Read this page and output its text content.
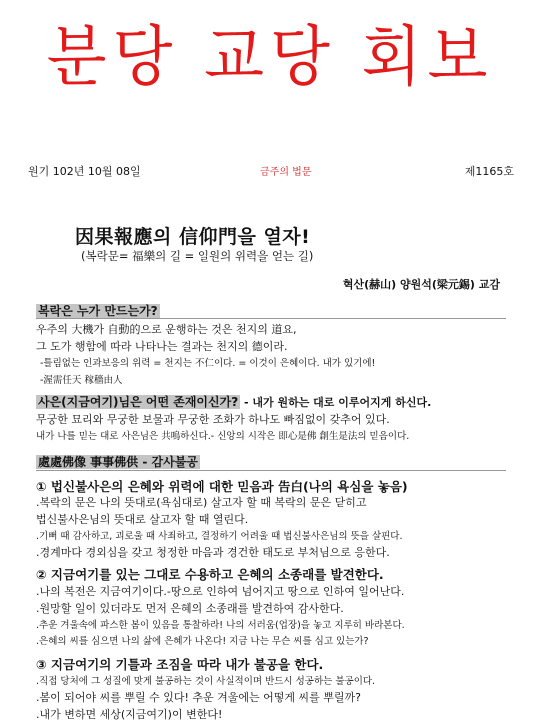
분당 교당 회보
원기 102년 10월 08일	금주의 법문	제1165호
因果報應의 信仰門을 열자!
(복락문= 福樂의 길 = 일원의 위력을 얻는 길)
혁산(赫山) 양원석(梁元錫) 교감
복락은 누가 만드는가?
우주의 大機가 自動的으로 운행하는 것은 천지의 道요,
그 도가 행함에 따라 나타나는 결과는 천지의 德이라.
-틀림없는 인과보응의 위력 = 천지는 不仁이다. = 이것이 은혜이다. 내가 있기에!
-渥需任天 稼穡由人
사은(지금여기)님은 어떤 존재이신가? - 내가 원하는 대로 이루어지게 하신다.
무궁한 묘리와 무궁한 보물과 무궁한 조화가 하나도 빠짐없이 갖추어 있다.
내가 나를 믿는 대로 사은님은 共鳴하신다.- 신앙의 시작은 即心是佛 創生是法의 믿음이다.
處處佛像 事事佛供 - 감사불공
① 법신불사은의 은혜와 위력에 대한 믿음과 告白(나의 욕심을 놓음)
.복락의 문은 나의 뜻대로(욕심대로) 살고자 할 때 복락의 문은 닫히고
법신불사은님의 뜻대로 살고자 할 때 열린다.
.기뻐 때 감사하고, 괴로울 때 사죄하고, 결정하기 어려울 때 법신불사은님의 뜻을 살핀다.
.경계마다 경외심을 갖고 청정한 마음과 경건한 태도로 부처님으로 응한다.
② 지금여기를 있는 그대로 수용하고 은혜의 소종래를 발견한다.
.나의 복전은 지금여기이다.-땅으로 인하여 넘어지고 땅으로 인하여 일어난다.
.원망할 일이 있더라도 먼저 은혜의 소종래를 발견하여 감사한다.
.추운 겨울속에 파스한 봄이 있음을 통찰하라! 나의 서러움(업장)을 놓고 지루히 바라본다.
.은혜의 씨를 심으면 나의 삶에 은혜가 나온다! 지금 나는 무슨 씨를 심고 있는가?
③ 지금여기의 기틀과 조짐을 따라 내가 불공을 한다.
.직접 당처에 그 성질에 맞게 불공하는 것이 사실적이며 반드시 성공하는 불공이다.
.봄이 되어야 씨를 뿌릴 수 있다! 추운 겨울에는 어떻게 씨를 뿌릴까?
.내가 변하면 세상(지금여기)이 변한다!
